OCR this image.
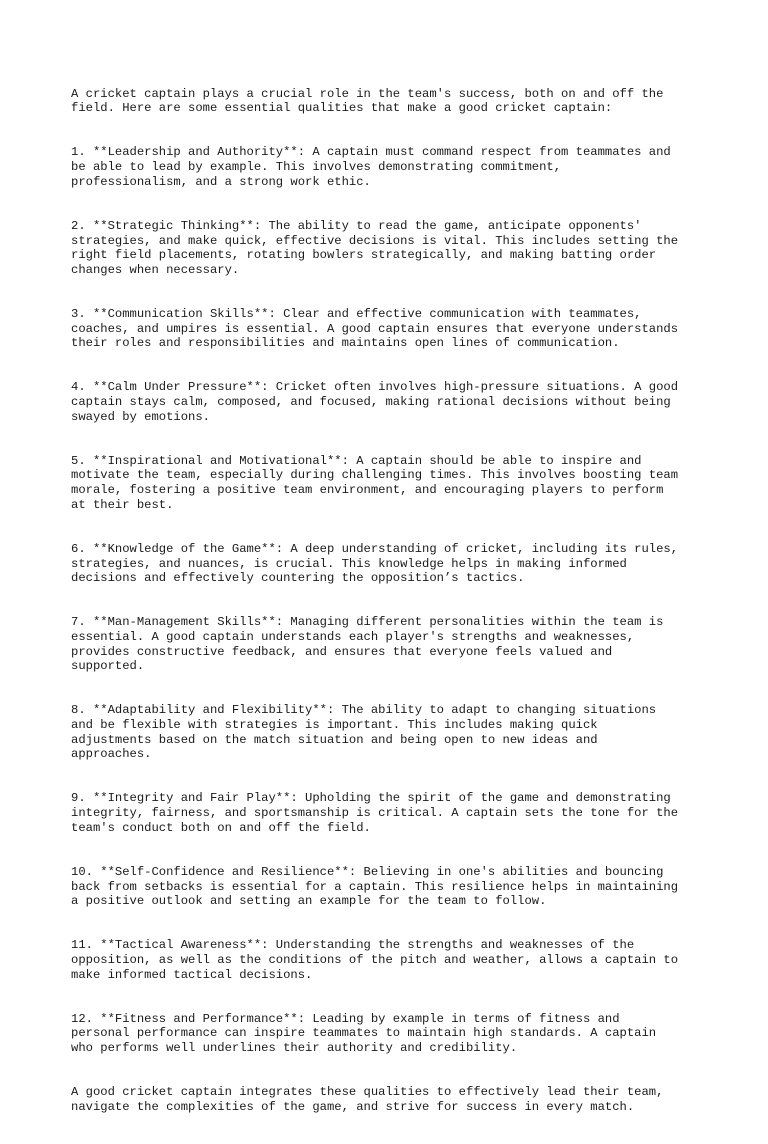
A cricket captain plays a crucial role in the team's success, both on and off the
field. Here are some essential qualities that make a good cricket captain:

1. **Leadership and Authority**: A captain must command respect from teammates and
be able to lead by example. This involves demonstrating commitment,
professionalism, and a strong work ethic.

2. **Strategic Thinking**: The ability to read the game, anticipate opponents'
strategies, and make quick, effective decisions is vital. This includes setting the
right field placements, rotating bowlers strategically, and making batting order
changes when necessary.

3. **Communication Skills**: Clear and effective communication with teammates,
coaches, and umpires is essential. A good captain ensures that everyone understands
their roles and responsibilities and maintains open lines of communication.

4. **Calm Under Pressure**: Cricket often involves high-pressure situations. A good
captain stays calm, composed, and focused, making rational decisions without being
swayed by emotions.

5. **Inspirational and Motivational**: A captain should be able to inspire and
motivate the team, especially during challenging times. This involves boosting team
morale, fostering a positive team environment, and encouraging players to perform
at their best.

6. **Knowledge of the Game**: A deep understanding of cricket, including its rules,
strategies, and nuances, is crucial. This knowledge helps in making informed
decisions and effectively countering the opposition’s tactics.

7. **Man-Management Skills**: Managing different personalities within the team is
essential. A good captain understands each player's strengths and weaknesses,
provides constructive feedback, and ensures that everyone feels valued and
supported.

8. **Adaptability and Flexibility**: The ability to adapt to changing situations
and be flexible with strategies is important. This includes making quick
adjustments based on the match situation and being open to new ideas and
approaches.

9. **Integrity and Fair Play**: Upholding the spirit of the game and demonstrating
integrity, fairness, and sportsmanship is critical. A captain sets the tone for the
team's conduct both on and off the field.

10. **Self-Confidence and Resilience**: Believing in one's abilities and bouncing
back from setbacks is essential for a captain. This resilience helps in maintaining
a positive outlook and setting an example for the team to follow.

11. **Tactical Awareness**: Understanding the strengths and weaknesses of the
opposition, as well as the conditions of the pitch and weather, allows a captain to
make informed tactical decisions.

12. **Fitness and Performance**: Leading by example in terms of fitness and
personal performance can inspire teammates to maintain high standards. A captain
who performs well underlines their authority and credibility.

A good cricket captain integrates these qualities to effectively lead their team,
navigate the complexities of the game, and strive for success in every match.
